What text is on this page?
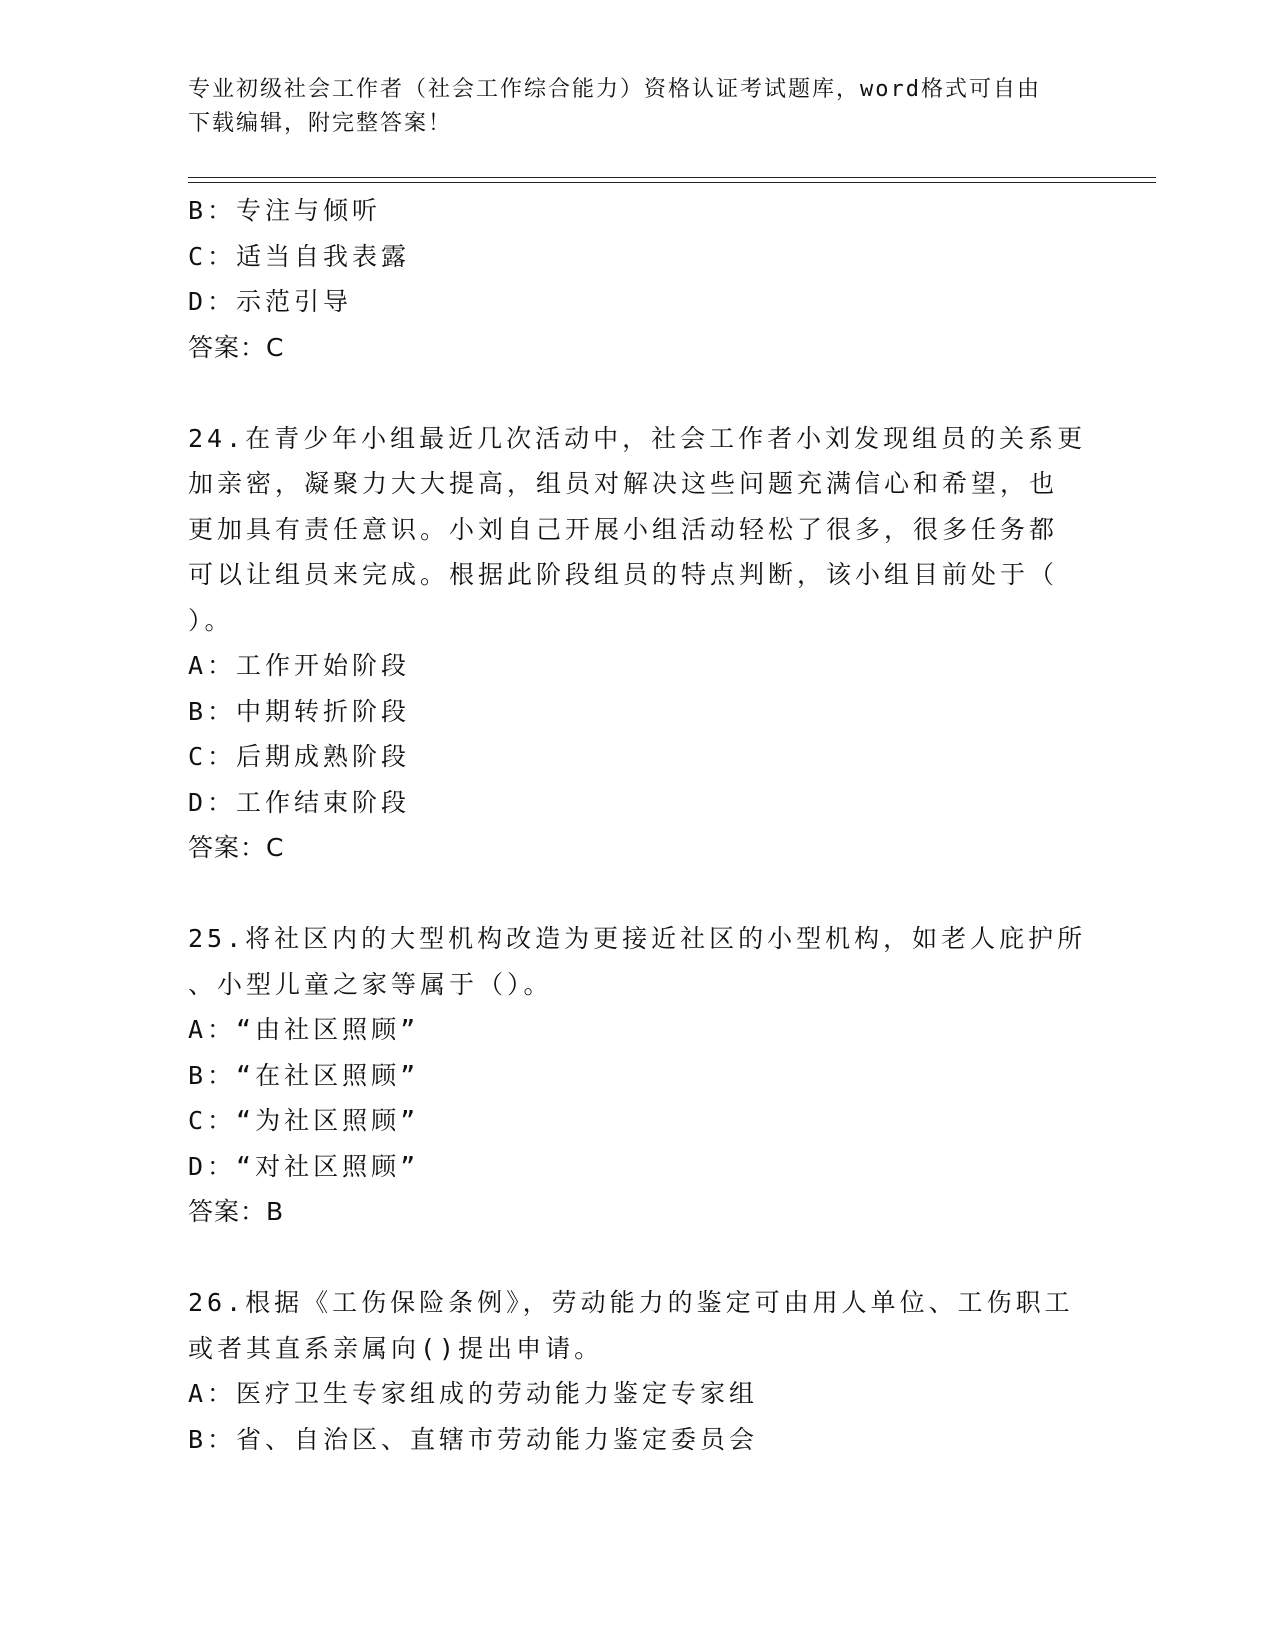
专业初级社会工作者（社会工作综合能力）资格认证考试题库，word格式可自由
下载编辑，附完整答案！
B：专注与倾听
C：适当自我表露
D：示范引导
答案：C
24.在青少年小组最近几次活动中，社会工作者小刘发现组员的关系更
加亲密，凝聚力大大提高，组员对解决这些问题充满信心和希望，也
更加具有责任意识。小刘自己开展小组活动轻松了很多，很多任务都
可以让组员来完成。根据此阶段组员的特点判断，该小组目前处于（
）。
A：工作开始阶段
B：中期转折阶段
C：后期成熟阶段
D：工作结束阶段
答案：C
25.将社区内的大型机构改造为更接近社区的小型机构，如老人庇护所
、小型儿童之家等属于（）。
A：“由社区照顾”
B：“在社区照顾”
C：“为社区照顾”
D：“对社区照顾”
答案：B
26.根据《工伤保险条例》，劳动能力的鉴定可由用人单位、工伤职工
或者其直系亲属向()提出申请。
A：医疗卫生专家组成的劳动能力鉴定专家组
B：省、自治区、直辖市劳动能力鉴定委员会
